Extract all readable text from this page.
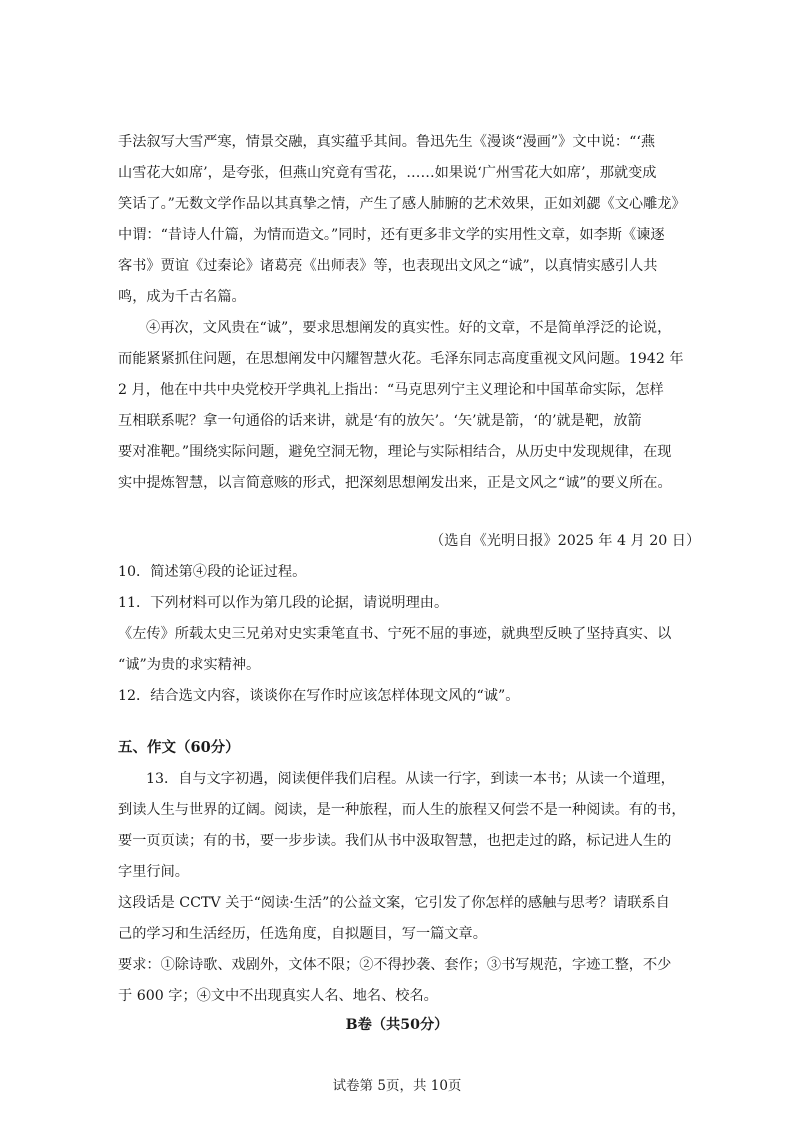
手法叙写大雪严寒，情景交融，真实蕴乎其间。鲁迅先生《漫谈“漫画”》文中说：“‘燕
山雪花大如席’，是夸张，但燕山究竟有雪花，……如果说‘广州雪花大如席’，那就变成
笑话了。”无数文学作品以其真挚之情，产生了感人肺腑的艺术效果，正如刘勰《文心雕龙》
中谓：“昔诗人什篇，为情而造文。”同时，还有更多非文学的实用性文章，如李斯《谏逐
客书》贾谊《过秦论》诸葛亮《出师表》等，也表现出文风之“诚”，以真情实感引人共
鸣，成为千古名篇。
④再次，文风贵在“诚”，要求思想阐发的真实性。好的文章，不是简单浮泛的论说，
而能紧紧抓住问题，在思想阐发中闪耀智慧火花。毛泽东同志高度重视文风问题。1942 年
2 月，他在中共中央党校开学典礼上指出：“马克思列宁主义理论和中国革命实际，怎样
互相联系呢？拿一句通俗的话来讲，就是‘有的放矢’。‘矢’就是箭，‘的’就是靶，放箭
要对准靶。”围绕实际问题，避免空洞无物，理论与实际相结合，从历史中发现规律，在现
实中提炼智慧，以言简意赅的形式，把深刻思想阐发出来，正是文风之“诚”的要义所在。
（选自《光明日报》2025 年 4 月 20 日）
10．简述第④段的论证过程。
11．下列材料可以作为第几段的论据，请说明理由。
《左传》所载太史三兄弟对史实秉笔直书、宁死不屈的事迹，就典型反映了坚持真实、以
“诚”为贵的求实精神。
12．结合选文内容，谈谈你在写作时应该怎样体现文风的“诚”。
五、作文（60分）
13．自与文字初遇，阅读便伴我们启程。从读一行字，到读一本书；从读一个道理，
到读人生与世界的辽阔。阅读，是一种旅程，而人生的旅程又何尝不是一种阅读。有的书，
要一页页读；有的书，要一步步读。我们从书中汲取智慧，也把走过的路，标记进人生的
字里行间。
这段话是 CCTV 关于“阅读·生活”的公益文案，它引发了你怎样的感触与思考？请联系自
己的学习和生活经历，任选角度，自拟题目，写一篇文章。
要求：①除诗歌、戏剧外，文体不限；②不得抄袭、套作；③书写规范，字迹工整，不少
于 600 字；④文中不出现真实人名、地名、校名。
B卷（共50分）
试卷第 5页，共 10页
